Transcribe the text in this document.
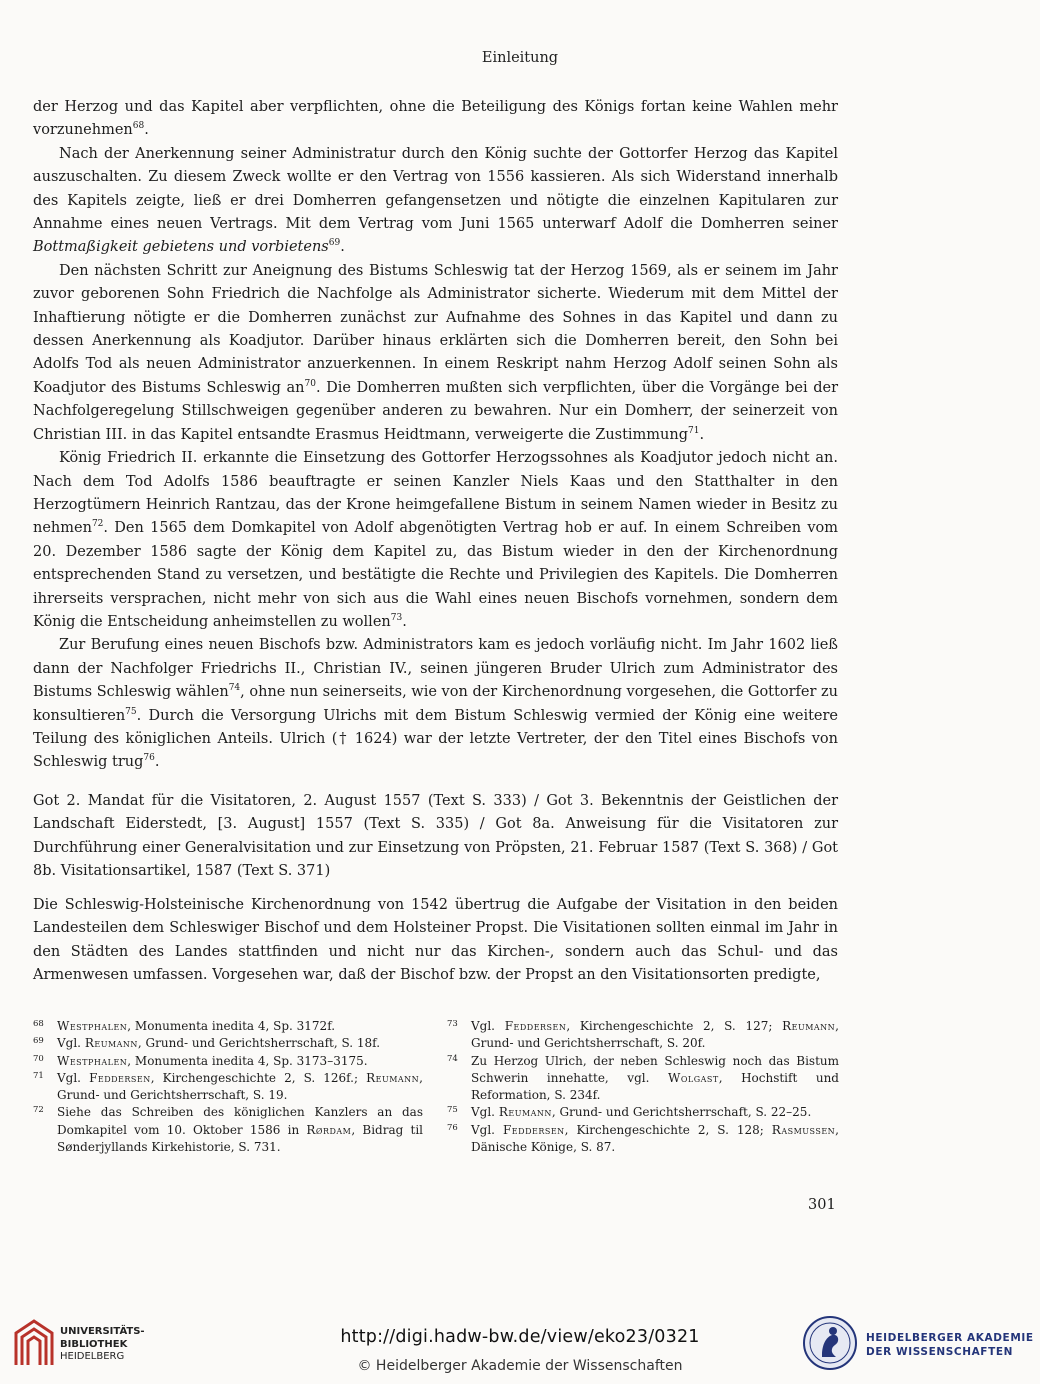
Einleitung

der Herzog und das Kapitel aber verpflichten, ohne die Beteiligung des Königs fortan keine Wahlen mehr vorzunehmen$^{68}$.

Nach der Anerkennung seiner Administratur durch den König suchte der Gottorfer Herzog das Kapitel auszuschalten. Zu diesem Zweck wollte er den Vertrag von 1556 kassieren. Als sich Widerstand innerhalb des Kapitels zeigte, ließ er drei Domherren gefangensetzen und nötigte die einzelnen Kapitularen zur Annahme eines neuen Vertrags. Mit dem Vertrag vom Juni 1565 unterwarf Adolf die Domherren seiner Bottmaßigkeit gebietens und vorbietens$^{69}$.

Den nächsten Schritt zur Aneignung des Bistums Schleswig tat der Herzog 1569, als er seinem im Jahr zuvor geborenen Sohn Friedrich die Nachfolge als Administrator sicherte. Wiederum mit dem Mittel der Inhaftierung nötigte er die Domherren zunächst zur Aufnahme des Sohnes in das Kapitel und dann zu dessen Anerkennung als Koadjutor. Darüber hinaus erklärten sich die Domherren bereit, den Sohn bei Adolfs Tod als neuen Administrator anzuerkennen. In einem Reskript nahm Herzog Adolf seinen Sohn als Koadjutor des Bistums Schleswig $an^{70}$. Die Domherren mußten sich verpflichten, über die Vorgänge bei der Nachfolgeregelung Stillschweigen gegenüber anderen zu bewahren. Nur ein Domherr, der seinerzeit von Christian III. in das Kapitel entsandte Erasmus Heidtmann, verweigerte die Zustimmung$^{71}$.

König Friedrich II. erkannte die Einsetzung des Gottorfer Herzogssohnes als Koadjutor jedoch nicht an. Nach dem Tod Adolfs 1586 beauftragte er seinen Kanzler Niels Kaas und den Statthalter in den Herzogtümern Heinrich Rantzau, das der Krone heimgefallene Bistum in seinem Namen wieder in Besitz zu nehmen$^{72}$. Den 1565 dem Domkapitel von Adolf abgenötigten Vertrag hob er auf. In einem Schreiben vom 20. Dezember 1586 sagte der König dem Kapitel zu, das Bistum wieder in den der Kirchenordnung entsprechenden Stand zu versetzen, und bestätigte die Rechte und Privilegien des Kapitels. Die Domherren ihrerseits versprachen, nicht mehr von sich aus die Wahl eines neuen Bischofs vornehmen, sondern dem König die Entscheidung anheimstellen zu wollen$^{73}$.

Zur Berufung eines neuen Bischofs bzw. Administrators kam es jedoch vorläufig nicht. Im Jahr 1602 ließ dann der Nachfolger Friedrichs II., Christian IV., seinen jüngeren Bruder Ulrich zum Administrator des Bistums Schleswig wählen$^{74}$, ohne nun seinerseits, wie von der Kirchenordnung vorgesehen, die Gottorfer zu konsultieren$^{75}$. Durch die Versorgung Ulrichs mit dem Bistum Schleswig vermied der König eine weitere Teilung des königlichen Anteils. Ulrich († 1624) war der letzte Vertreter, der den Titel eines Bischofs von Schleswig trug$^{76}$.

Got 2. Mandat für die Visitatoren, 2. August 1557 (Text S. 333) / Got 3. Bekenntnis der Geistlichen der Landschaft Eiderstedt, [3. August] 1557 (Text S. 335) / Got 8a. Anweisung für die Visitatoren zur Durchführung einer Generalvisitation und zur Einsetzung von Pröpsten, 21. Februar 1587 (Text S. 368) / Got 8b. Visitationsartikel, 1587 (Text S. 371)

Die Schleswig-Holsteinische Kirchenordnung von 1542 übertrug die Aufgabe der Visitation in den beiden Landesteilen dem Schleswiger Bischof und dem Holsteiner Propst. Die Visitationen sollten einmal im Jahr in den Städten des Landes stattfinden und nicht nur das Kirchen-, sondern auch das Schul- und das Armenwesen umfassen. Vorgesehen war, daß der Bischof bzw. der Propst an den Visitationsorten predigte,

68	Westphalen, Monumenta inedita 4, Sp. 3172f.
69	Vgl. Reumann, Grund- und Gerichtsherrschaft, S. 18f.
70	Westphalen, Monumenta inedita 4, Sp. 3173–3175.
71	Vgl. Feddersen, Kirchengeschichte 2, S. 126f.; Reumann, Grund- und Gerichtsherrschaft, S. 19.
72	Siehe das Schreiben des königlichen Kanzlers an das Domkapitel vom 10. Oktober 1586 in Rørdam, Bidrag til Sønderjyllands Kirkehistorie, S. 731.
73	Vgl. Feddersen, Kirchengeschichte 2, S. 127; Reumann, Grund- und Gerichtsherrschaft, S. 20f.
74	Zu Herzog Ulrich, der neben Schleswig noch das Bistum Schwerin innehatte, vgl. Wolgast, Hochstift und Reformation, S. 234f.
75	Vgl. Reumann, Grund- und Gerichtsherrschaft, S. 22–25.
76	Vgl. Feddersen, Kirchengeschichte 2, S. 128; Rasmussen, Dänische Könige, S. 87.
301
UNIVERSITÄTS-
BIBLIOTHEK
HEIDELBERG
http://digi.hadw-bw.de/view/eko23/0321
© Heidelberger Akademie der Wissenschaften
HEIDELBERGER AKADEMIE
DER WISSENSCHAFTEN
